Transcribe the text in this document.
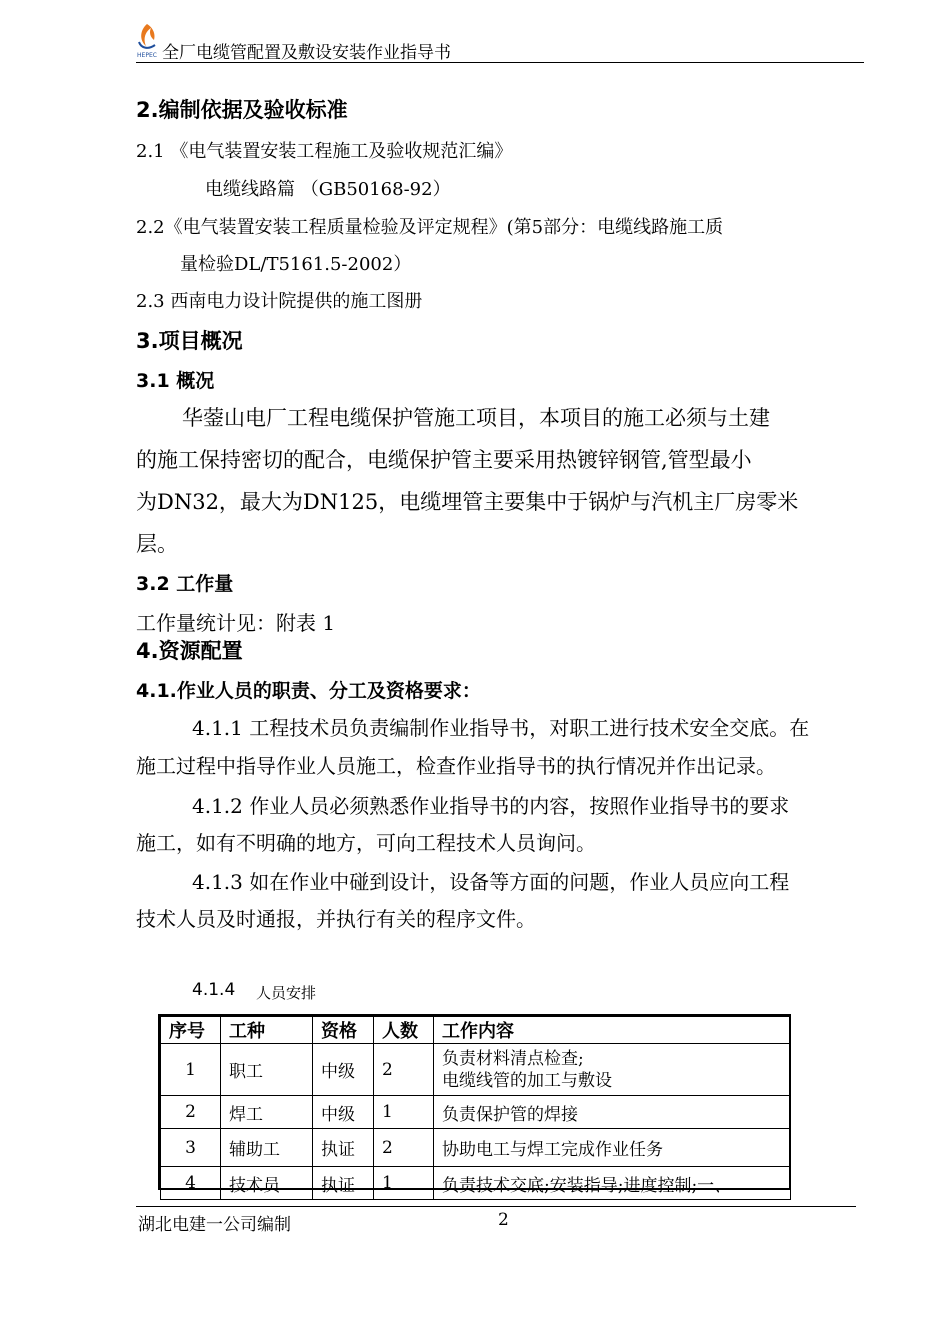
HEPEC 全厂电缆管配置及敷设安装作业指导书
2.编制依据及验收标准
2.1 《电气装置安装工程施工及验收规范汇编》
电缆线路篇 （GB50168-92）
2.2《电气装置安装工程质量检验及评定规程》(第5部分：电缆线路施工质
量检验DL/T5161.5-2002）
2.3 西南电力设计院提供的施工图册
3.项目概况
3.1 概况
华蓥山电厂工程电缆保护管施工项目，本项目的施工必须与土建
的施工保持密切的配合，电缆保护管主要采用热镀锌钢管,管型最小
为DN32，最大为DN125，电缆埋管主要集中于锅炉与汽机主厂房零米
层。
3.2 工作量
工作量统计见：附表 1
4.资源配置
4.1.作业人员的职责、分工及资格要求：
4.1.1 工程技术员负责编制作业指导书，对职工进行技术安全交底。在
施工过程中指导作业人员施工，检查作业指导书的执行情况并作出记录。
4.1.2 作业人员必须熟悉作业指导书的内容，按照作业指导书的要求
施工，如有不明确的地方，可向工程技术人员询问。
4.1.3 如在作业中碰到设计，设备等方面的问题，作业人员应向工程
技术人员及时通报，并执行有关的程序文件。
4.1.4 人员安排
序号	工种	资格	人数	工作内容
1	职工	中级	2	负责材料清点检查;
电缆线管的加工与敷设

2	焊工	中级	1	负责保护管的焊接
3	辅助工	执证	2	协助电工与焊工完成作业任务
4	技术员	执证	1	负责技术交底;安装指导;进度控制;一、
湖北电建一公司编制	2
